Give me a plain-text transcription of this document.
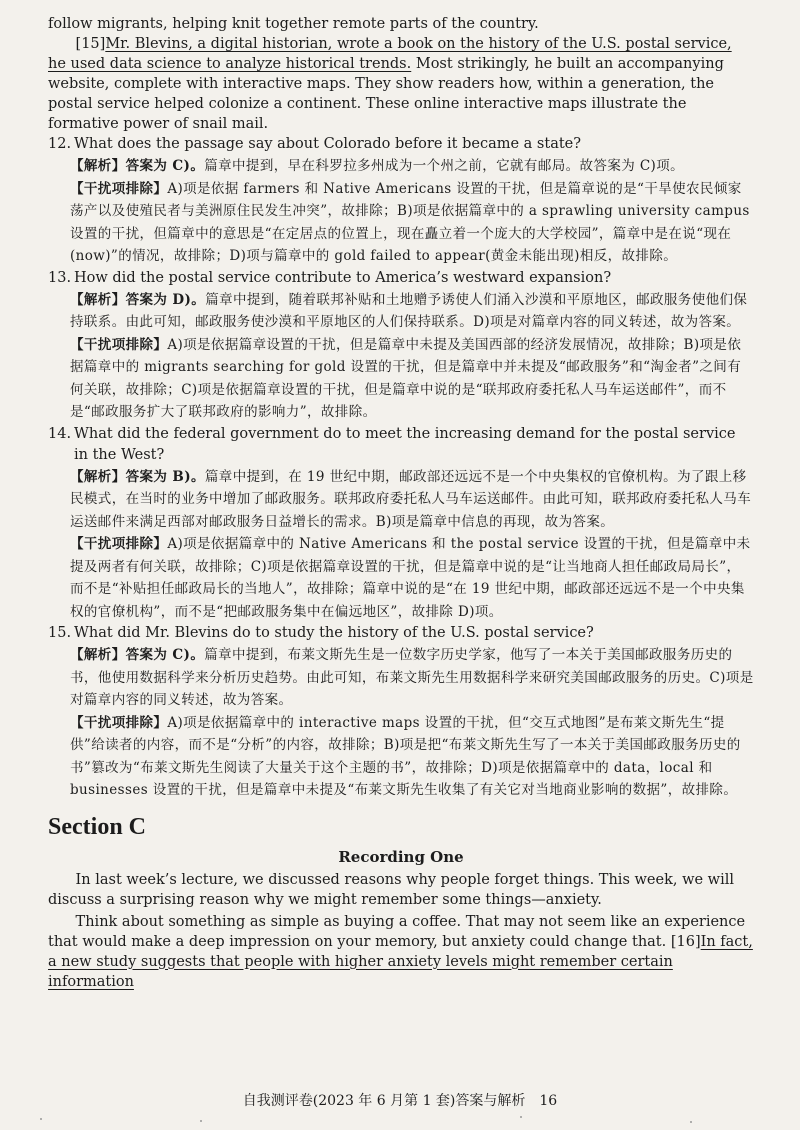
follow migrants, helping knit together remote parts of the country.

[15]Mr. Blevins, a digital historian, wrote a book on the history of the U.S. postal service, he used data science to analyze historical trends. Most strikingly, he built an accompanying website, complete with interactive maps. They show readers how, within a generation, the postal service helped colonize a continent. These online interactive maps illustrate the formative power of snail mail.

12. What does the passage say about Colorado before it became a state?

【解析】答案为 C)。篇章中提到，早在科罗拉多州成为一个州之前，它就有邮局。故答案为 C)项。

【干扰项排除】A)项是依据 farmers 和 Native Americans 设置的干扰，但是篇章说的是“干旱使农民倾家荡产以及使殖民者与美洲原住民发生冲突”，故排除；B)项是依据篇章中的 a sprawling university campus 设置的干扰，但篇章中的意思是“在定居点的位置上，现在矗立着一个庞大的大学校园”，篇章中是在说“现在(now)”的情况，故排除；D)项与篇章中的 gold failed to appear(黄金未能出现)相反，故排除。

13. How did the postal service contribute to America’s westward expansion?

【解析】答案为 D)。篇章中提到，随着联邦补贴和土地赠予诱使人们涌入沙漠和平原地区，邮政服务使他们保持联系。由此可知，邮政服务使沙漠和平原地区的人们保持联系。D)项是对篇章内容的同义转述，故为答案。

【干扰项排除】A)项是依据篇章设置的干扰，但是篇章中未提及美国西部的经济发展情况，故排除；B)项是依据篇章中的 migrants searching for gold 设置的干扰，但是篇章中并未提及“邮政服务”和“淘金者”之间有何关联，故排除；C)项是依据篇章设置的干扰，但是篇章中说的是“联邦政府委托私人马车运送邮件”，而不是“邮政服务扩大了联邦政府的影响力”，故排除。

14. What did the federal government do to meet the increasing demand for the postal service in the West?

【解析】答案为 B)。篇章中提到，在 19 世纪中期，邮政部还远远不是一个中央集权的官僚机构。为了跟上移民模式，在当时的业务中增加了邮政服务。联邦政府委托私人马车运送邮件。由此可知，联邦政府委托私人马车运送邮件来满足西部对邮政服务日益增长的需求。B)项是篇章中信息的再现，故为答案。

【干扰项排除】A)项是依据篇章中的 Native Americans 和 the postal service 设置的干扰，但是篇章中未提及两者有何关联，故排除；C)项是依据篇章设置的干扰，但是篇章中说的是“让当地商人担任邮政局局长”，而不是“补贴担任邮政局长的当地人”，故排除；篇章中说的是“在 19 世纪中期，邮政部还远远不是一个中央集权的官僚机构”，而不是“把邮政服务集中在偏远地区”，故排除 D)项。

15. What did Mr. Blevins do to study the history of the U.S. postal service?

【解析】答案为 C)。篇章中提到，布莱文斯先生是一位数字历史学家，他写了一本关于美国邮政服务历史的书，他使用数据科学来分析历史趋势。由此可知，布莱文斯先生用数据科学来研究美国邮政服务的历史。C)项是对篇章内容的同义转述，故为答案。

【干扰项排除】A)项是依据篇章中的 interactive maps 设置的干扰，但“交互式地图”是布莱文斯先生“提供”给读者的内容，而不是“分析”的内容，故排除；B)项是把“布莱文斯先生写了一本关于美国邮政服务历史的书”篡改为“布莱文斯先生阅读了大量关于这个主题的书”，故排除；D)项是依据篇章中的 data，local 和 businesses 设置的干扰，但是篇章中未提及“布莱文斯先生收集了有关它对当地商业影响的数据”，故排除。

Section C
Recording One

In last week’s lecture, we discussed reasons why people forget things. This week, we will discuss a surprising reason why we might remember some things—anxiety.

Think about something as simple as buying a coffee. That may not seem like an experience that would make a deep impression on your memory, but anxiety could change that. [16]In fact, a new study suggests that people with higher anxiety levels might remember certain information

自我测评卷(2023 年 6 月第 1 套)答案与解析 16
